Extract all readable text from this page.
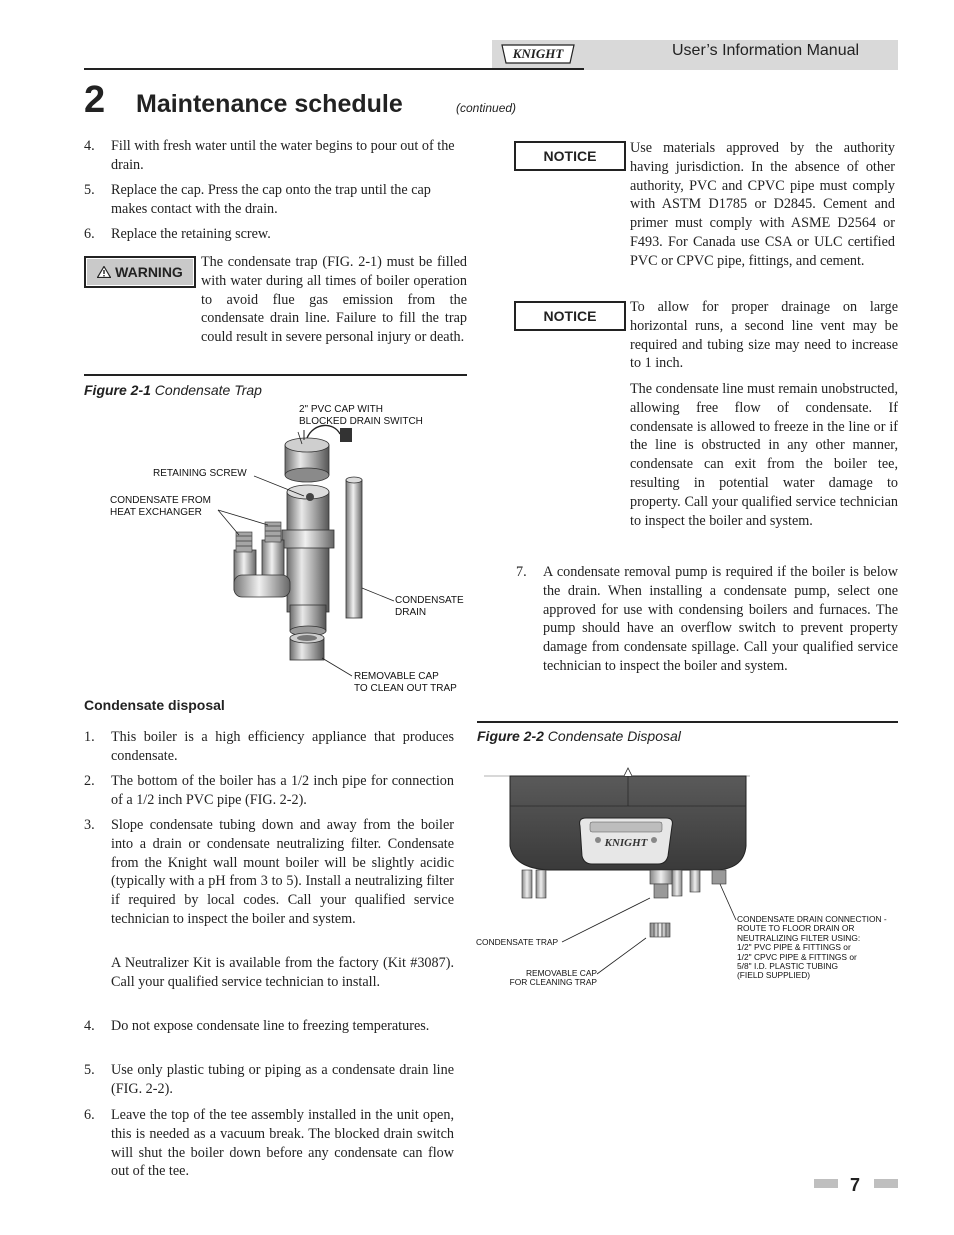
KNIGHT	User’s Information Manual
2 Maintenance schedule	(continued)
4. Fill with fresh water until the water begins to pour out of the drain.
5. Replace the cap. Press the cap onto the trap until the cap makes contact with the drain.
6. Replace the retaining screw.
WARNING
The condensate trap (FIG. 2-1) must be filled with water during all times of boiler operation to avoid flue gas emission from the condensate drain line. Failure to fill the trap could result in severe personal injury or death.
Figure 2-1 Condensate Trap
2" PVC CAP WITH
BLOCKED DRAIN SWITCH
RETAINING SCREW
CONDENSATE FROM
HEAT EXCHANGER
CONDENSATE
DRAIN
REMOVABLE CAP
TO CLEAN OUT TRAP
Condensate disposal
1. This boiler is a high efficiency appliance that produces condensate.
2. The bottom of the boiler has a 1/2 inch pipe for connection of a 1/2 inch PVC pipe (FIG. 2-2).
3. Slope condensate tubing down and away from the boiler into a drain or condensate neutralizing filter. Condensate from the Knight wall mount boiler will be slightly acidic (typically with a pH from 3 to 5). Install a neutralizing filter if required by local codes. Call your qualified service technician to inspect the boiler and system.
A Neutralizer Kit is available from the factory (Kit #3087). Call your qualified service technician to install.
4. Do not expose condensate line to freezing temperatures.
5. Use only plastic tubing or piping as a condensate drain line (FIG. 2-2).
6. Leave the top of the tee assembly installed in the unit open, this is needed as a vacuum break. The blocked drain switch will shut the boiler down before any condensate can flow out of the tee.
NOTICE	Use materials approved by the authority having jurisdiction. In the absence of other authority, PVC and CPVC pipe must comply with ASTM D1785 or D2845. Cement and primer must comply with ASME D2564 or F493. For Canada use CSA or ULC certified PVC or CPVC pipe, fittings, and cement.
NOTICE
To allow for proper drainage on large horizontal runs, a second line vent may be required and tubing size may need to increase to 1 inch.
The condensate line must remain unobstructed, allowing free flow of condensate. If condensate is allowed to freeze in the line or if the line is obstructed in any other manner, condensate can exit from the boiler tee, resulting in potential water damage to property. Call your qualified service technician to inspect the boiler and system.
7. A condensate removal pump is required if the boiler is below the drain. When installing a condensate pump, select one approved for use with condensing boilers and furnaces. The pump should have an overflow switch to prevent property damage from condensate spillage. Call your qualified service technician to inspect the boiler and system.
Figure 2-2 Condensate Disposal
KNIGHT
CONDENSATE DRAIN CONNECTION -
ROUTE TO FLOOR DRAIN OR
NEUTRALIZING FILTER USING:
1/2" PVC PIPE & FITTINGS or
1/2" CPVC PIPE & FITTINGS or
5/8" I.D. PLASTIC TUBING
(FIELD SUPPLIED)
CONDENSATE TRAP
REMOVABLE CAP
FOR CLEANING TRAP
7
